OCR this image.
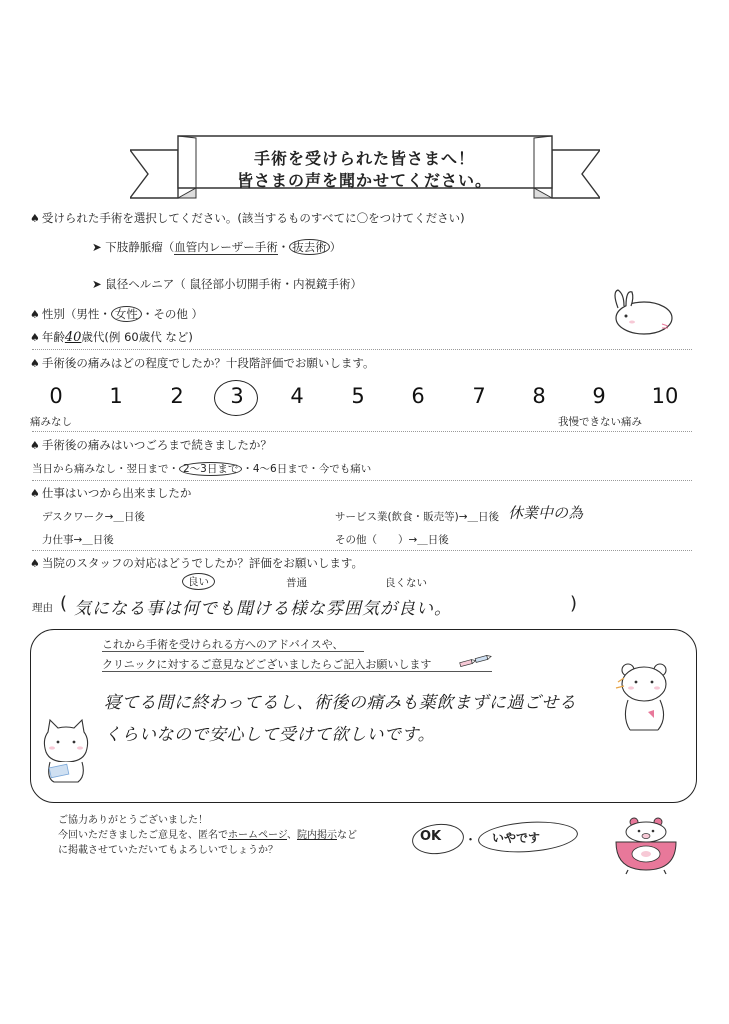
手術を受けられた皆さまへ！
皆さまの声を聞かせてください。
♠ 受けられた手術を選択してください。(該当するものすべてに〇をつけてください)
➤ 下肢静脈瘤（血管内レーザー手術・ 抜去術 ）
➤ 鼠径ヘルニア（ 鼠径部小切開手術・内視鏡手術）
♠ 性別（男性・ 女性 ・その他 ）
♠ 年齢40歳代(例 60歳代 など)
♠ 手術後の痛みはどの程度でしたか？十段階評価でお願いします。
0	1	2	3	4	5	6	7	8	9	10
痛みなし	我慢できない痛み
♠ 手術後の痛みはいつごろまで続きましたか？
当日から痛みなし・翌日まで・ 2〜3日まで ・4〜6日まで・今でも痛い
♠ 仕事はいつから出来ましたか
デスクワーク→＿日後	サービス業(飲食・販売等)→＿日後 休業中の為
力仕事→＿日後	その他（　　）→＿日後
♠ 当院のスタッフの対応はどうでしたか？評価をお願いします。
良い	普通	良くない
理由 ( 気になる事は何でも聞ける様な雰囲気が良い。	)
これから手術を受けられる方へのアドバイスや、
クリニックに対するご意見などございましたらご記入お願いします
寝てる間に終わってるし、術後の痛みも薬飲まずに過ごせる
くらいなので安心して受けて欲しいです。
ご協力ありがとうございました！
今回いただきましたご意見を、匿名でホームページ、院内掲示など
に掲載させていただいてもよろしいでしょうか？
OK ・ いやです
